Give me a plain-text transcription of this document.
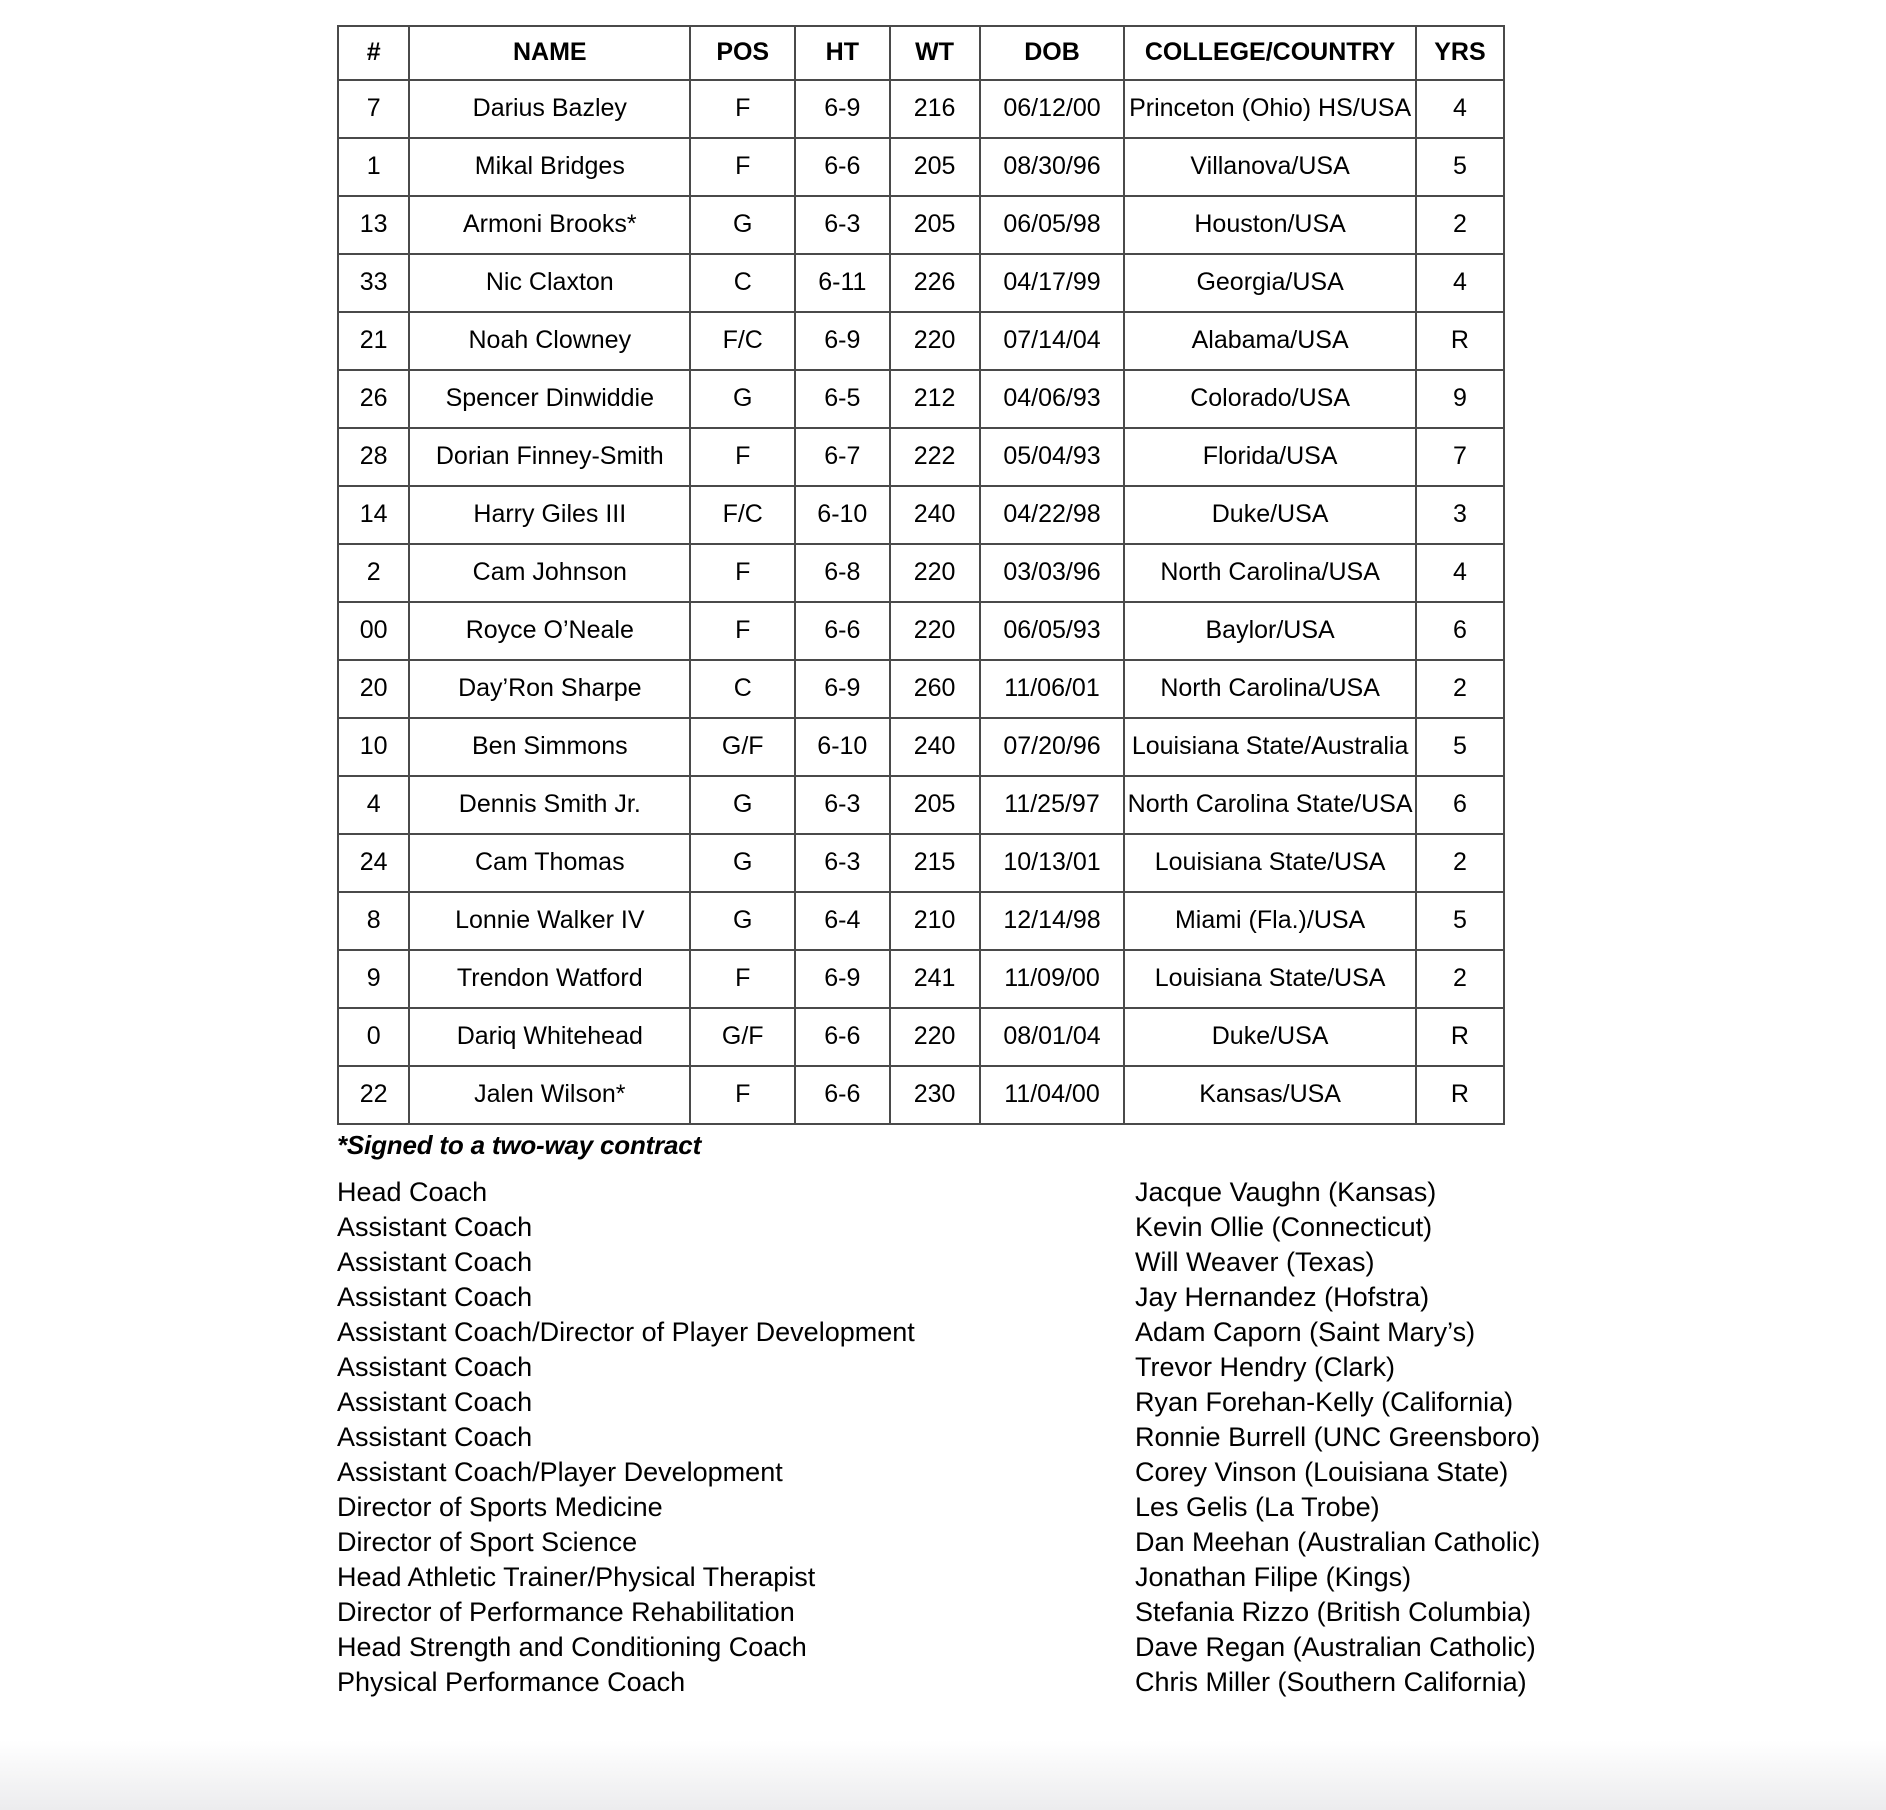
#	NAME	POS	HT	WT	DOB	COLLEGE/COUNTRY	YRS
7	Darius Bazley	F	6-9	216	06/12/00	Princeton (Ohio) HS/USA	4
1	Mikal Bridges	F	6-6	205	08/30/96	Villanova/USA	5
13	Armoni Brooks*	G	6-3	205	06/05/98	Houston/USA	2
33	Nic Claxton	C	6-11	226	04/17/99	Georgia/USA	4
21	Noah Clowney	F/C	6-9	220	07/14/04	Alabama/USA	R
26	Spencer Dinwiddie	G	6-5	212	04/06/93	Colorado/USA	9
28	Dorian Finney-Smith	F	6-7	222	05/04/93	Florida/USA	7
14	Harry Giles III	F/C	6-10	240	04/22/98	Duke/USA	3
2	Cam Johnson	F	6-8	220	03/03/96	North Carolina/USA	4
00	Royce O’Neale	F	6-6	220	06/05/93	Baylor/USA	6
20	Day’Ron Sharpe	C	6-9	260	11/06/01	North Carolina/USA	2
10	Ben Simmons	G/F	6-10	240	07/20/96	Louisiana State/Australia	5
4	Dennis Smith Jr.	G	6-3	205	11/25/97	North Carolina State/USA	6
24	Cam Thomas	G	6-3	215	10/13/01	Louisiana State/USA	2
8	Lonnie Walker IV	G	6-4	210	12/14/98	Miami (Fla.)/USA	5
9	Trendon Watford	F	6-9	241	11/09/00	Louisiana State/USA	2
0	Dariq Whitehead	G/F	6-6	220	08/01/04	Duke/USA	R
22	Jalen Wilson*	F	6-6	230	11/04/00	Kansas/USA	R
*Signed to a two-way contract
Head Coach	Jacque Vaughn (Kansas)
Assistant Coach	Kevin Ollie (Connecticut)
Assistant Coach	Will Weaver (Texas)
Assistant Coach	Jay Hernandez (Hofstra)
Assistant Coach/Director of Player Development	Adam Caporn (Saint Mary’s)
Assistant Coach	Trevor Hendry (Clark)
Assistant Coach	Ryan Forehan-Kelly (California)
Assistant Coach	Ronnie Burrell (UNC Greensboro)
Assistant Coach/Player Development	Corey Vinson (Louisiana State)
Director of Sports Medicine	Les Gelis (La Trobe)
Director of Sport Science	Dan Meehan (Australian Catholic)
Head Athletic Trainer/Physical Therapist	Jonathan Filipe (Kings)
Director of Performance Rehabilitation	Stefania Rizzo (British Columbia)
Head Strength and Conditioning Coach	Dave Regan (Australian Catholic)
Physical Performance Coach	Chris Miller (Southern California)
